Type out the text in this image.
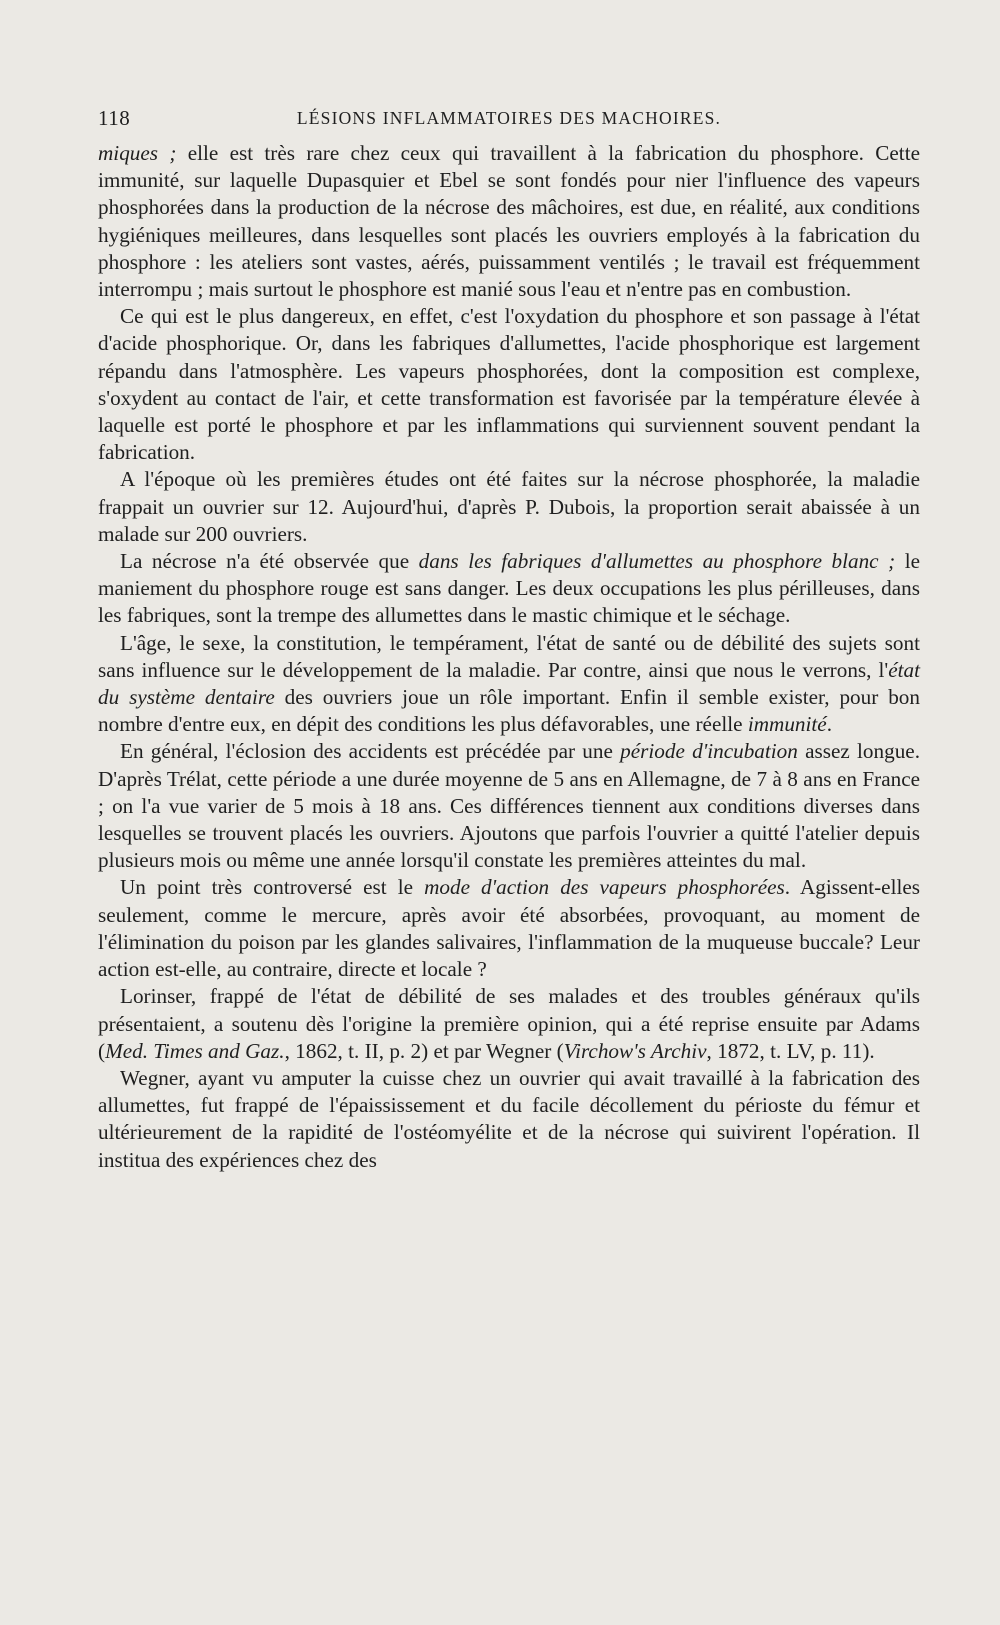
118	LÉSIONS INFLAMMATOIRES DES MACHOIRES.

miques ; elle est très rare chez ceux qui travaillent à la fabrication du phosphore. Cette immunité, sur laquelle Dupasquier et Ebel se sont fondés pour nier l'influence des vapeurs phosphorées dans la production de la nécrose des mâchoires, est due, en réalité, aux conditions hygiéniques meilleures, dans lesquelles sont placés les ouvriers employés à la fabrication du phosphore : les ateliers sont vastes, aérés, puissamment ventilés ; le travail est fréquemment interrompu ; mais surtout le phosphore est manié sous l'eau et n'entre pas en combustion.

Ce qui est le plus dangereux, en effet, c'est l'oxydation du phosphore et son passage à l'état d'acide phosphorique. Or, dans les fabriques d'allumettes, l'acide phosphorique est largement répandu dans l'atmosphère. Les vapeurs phosphorées, dont la composition est complexe, s'oxydent au contact de l'air, et cette transformation est favorisée par la température élevée à laquelle est porté le phosphore et par les inflammations qui surviennent souvent pendant la fabrication.

A l'époque où les premières études ont été faites sur la nécrose phosphorée, la maladie frappait un ouvrier sur 12. Aujourd'hui, d'après P. Dubois, la proportion serait abaissée à un malade sur 200 ouvriers.

La nécrose n'a été observée que dans les fabriques d'allumettes au phosphore blanc ; le maniement du phosphore rouge est sans danger. Les deux occupations les plus périlleuses, dans les fabriques, sont la trempe des allumettes dans le mastic chimique et le séchage.

L'âge, le sexe, la constitution, le tempérament, l'état de santé ou de débilité des sujets sont sans influence sur le développement de la maladie. Par contre, ainsi que nous le verrons, l'état du système dentaire des ouvriers joue un rôle important. Enfin il semble exister, pour bon nombre d'entre eux, en dépit des conditions les plus défavorables, une réelle immunité.

En général, l'éclosion des accidents est précédée par une période d'incubation assez longue. D'après Trélat, cette période a une durée moyenne de 5 ans en Allemagne, de 7 à 8 ans en France ; on l'a vue varier de 5 mois à 18 ans. Ces différences tiennent aux conditions diverses dans lesquelles se trouvent placés les ouvriers. Ajoutons que parfois l'ouvrier a quitté l'atelier depuis plusieurs mois ou même une année lorsqu'il constate les premières atteintes du mal.

Un point très controversé est le mode d'action des vapeurs phosphorées. Agissent-elles seulement, comme le mercure, après avoir été absorbées, provoquant, au moment de l'élimination du poison par les glandes salivaires, l'inflammation de la muqueuse buccale? Leur action est-elle, au contraire, directe et locale ?

Lorinser, frappé de l'état de débilité de ses malades et des troubles généraux qu'ils présentaient, a soutenu dès l'origine la première opinion, qui a été reprise ensuite par Adams (Med. Times and Gaz., 1862, t. II, p. 2) et par Wegner (Virchow's Archiv, 1872, t. LV, p. 11).

Wegner, ayant vu amputer la cuisse chez un ouvrier qui avait travaillé à la fabrication des allumettes, fut frappé de l'épaississement et du facile décollement du périoste du fémur et ultérieurement de la rapidité de l'ostéomyélite et de la nécrose qui suivirent l'opération. Il institua des expériences chez des
